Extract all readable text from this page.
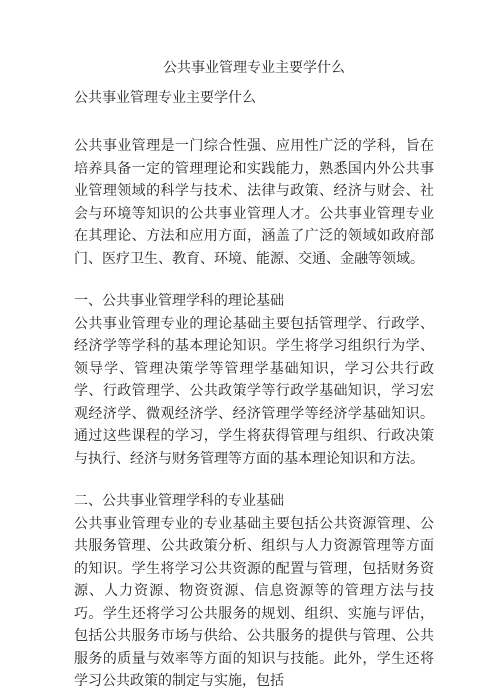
公共事业管理专业主要学什么
公共事业管理专业主要学什么

公共事业管理是一门综合性强、应用性广泛的学科，旨在培养具备一定的管理理论和实践能力，熟悉国内外公共事业管理领域的科学与技术、法律与政策、经济与财会、社会与环境等知识的公共事业管理人才。公共事业管理专业在其理论、方法和应用方面，涵盖了广泛的领域如政府部门、医疗卫生、教育、环境、能源、交通、金融等领域。

一、公共事业管理学科的理论基础

公共事业管理专业的理论基础主要包括管理学、行政学、经济学等学科的基本理论知识。学生将学习组织行为学、领导学、管理决策学等管理学基础知识，学习公共行政学、行政管理学、公共政策学等行政学基础知识，学习宏观经济学、微观经济学、经济管理学等经济学基础知识。通过这些课程的学习，学生将获得管理与组织、行政决策与执行、经济与财务管理等方面的基本理论知识和方法。

二、公共事业管理学科的专业基础

公共事业管理专业的专业基础主要包括公共资源管理、公共服务管理、公共政策分析、组织与人力资源管理等方面的知识。学生将学习公共资源的配置与管理，包括财务资源、人力资源、物资资源、信息资源等的管理方法与技巧。学生还将学习公共服务的规划、组织、实施与评估，包括公共服务市场与供给、公共服务的提供与管理、公共服务的质量与效率等方面的知识与技能。此外，学生还将学习公共政策的制定与实施，包括
